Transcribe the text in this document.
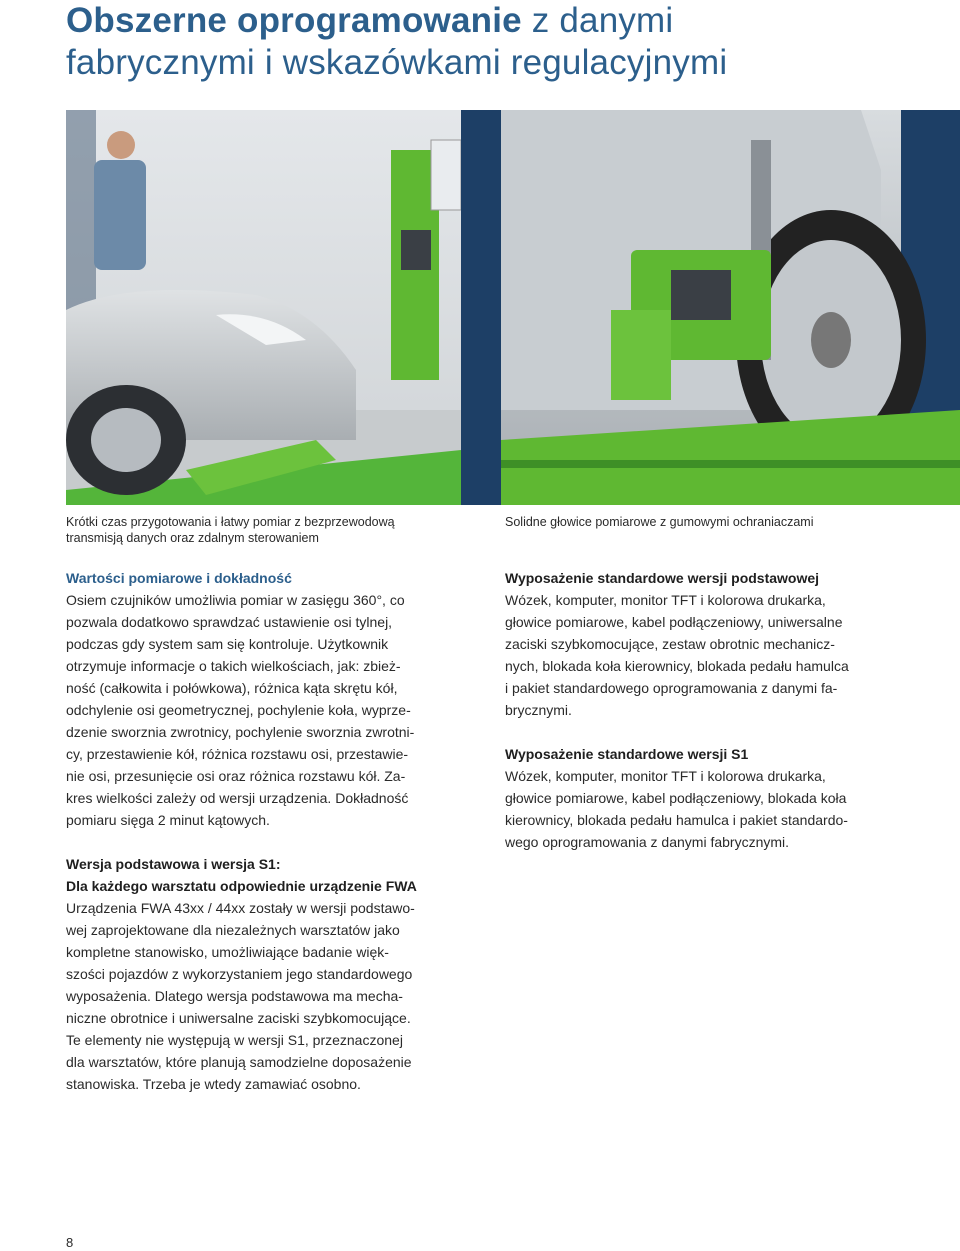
Obszerne oprogramowanie z danymi
fabrycznymi i wskazówkami regulacyjnymi
Krótki czas przygotowania i łatwy pomiar z bezprzewodową
transmisją danych oraz zdalnym sterowaniem
Solidne głowice pomiarowe z gumowymi ochraniaczami
Wartości pomiarowe i dokładność

Osiem czujników umożliwia pomiar w zasięgu 360°, co

pozwala dodatkowo sprawdzać ustawienie osi tylnej,

podczas gdy system sam się kontroluje. Użytkownik

otrzymuje informacje o takich wielkościach, jak: zbież-

ność (całkowita i połówkowa), różnica kąta skrętu kół,

odchylenie osi geometrycznej, pochylenie koła, wyprze-

dzenie sworznia zwrotnicy, pochylenie sworznia zwrotni-

cy, przestawienie kół, różnica rozstawu osi, przestawie-

nie osi, przesunięcie osi oraz różnica rozstawu kół. Za-

kres wielkości zależy od wersji urządzenia. Dokładność

pomiaru sięga 2 minut kątowych.

Wersja podstawowa i wersja S1:
Dla każdego warsztatu odpowiednie urządzenie FWA

Urządzenia FWA 43xx / 44xx zostały w wersji podstawo-

wej zaprojektowane dla niezależnych warsztatów jako

kompletne stanowisko, umożliwiające badanie więk-

szości pojazdów z wykorzystaniem jego standardowego

wyposażenia. Dlatego wersja podstawowa ma mecha-

niczne obrotnice i uniwersalne zaciski szybkomocujące.

Te elementy nie występują w wersji S1, przeznaczonej

dla warsztatów, które planują samodzielne doposażenie

stanowiska. Trzeba je wtedy zamawiać osobno.

Wyposażenie standardowe wersji podstawowej

Wózek, komputer, monitor TFT i kolorowa drukarka,

głowice pomiarowe, kabel podłączeniowy, uniwersalne

zaciski szybkomocujące, zestaw obrotnic mechanicz-

nych, blokada koła kierownicy, blokada pedału hamulca

i pakiet standardowego oprogramowania z danymi fa-

brycznymi.

Wyposażenie standardowe wersji S1

Wózek, komputer, monitor TFT i kolorowa drukarka,

głowice pomiarowe, kabel podłączeniowy, blokada koła

kierownicy, blokada pedału hamulca i pakiet standardo-

wego oprogramowania z danymi fabrycznymi.

8
